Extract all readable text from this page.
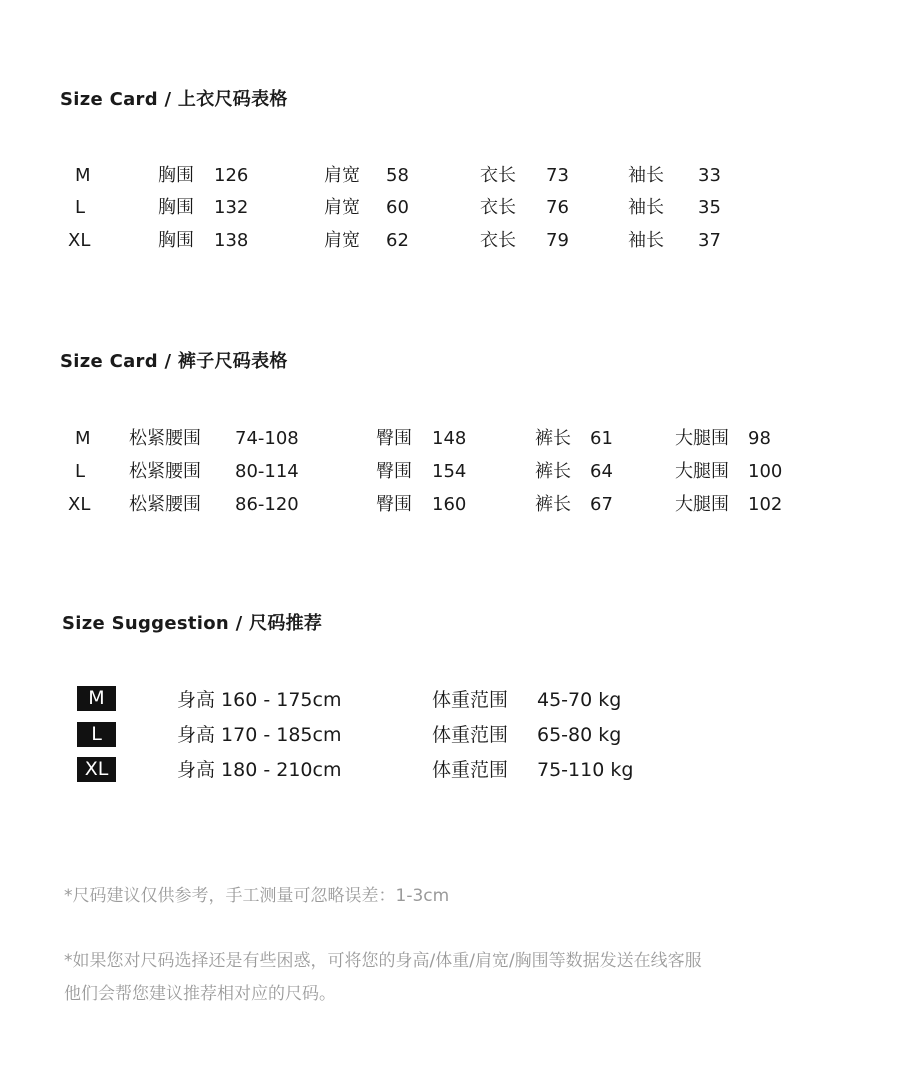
Size Card / 上衣尺码表格
M	胸围 126	肩宽 58	衣长 73	袖长 33
L	胸围 132	肩宽 60	衣长 76	袖长 35
XL	胸围 138	肩宽 62	衣长 79	袖长 37
Size Card / 裤子尺码表格
M 松紧腰围 74-108	臀围 148	裤长 61	大腿围 98
L 松紧腰围 80-114	臀围 154	裤长 64	大腿围 100
XL 松紧腰围 86-120	臀围 160	裤长 67	大腿围 102
Size Suggestion / 尺码推荐
M	身高 160 - 175cm	体重范围 45-70 kg
L	身高 170 - 185cm	体重范围 65-80 kg
XL	身高 180 - 210cm	体重范围 75-110 kg
*尺码建议仅供参考，手工测量可忽略误差：1-3cm
*如果您对尺码选择还是有些困惑，可将您的身高/体重/肩宽/胸围等数据发送在线客服
他们会帮您建议推荐相对应的尺码。
